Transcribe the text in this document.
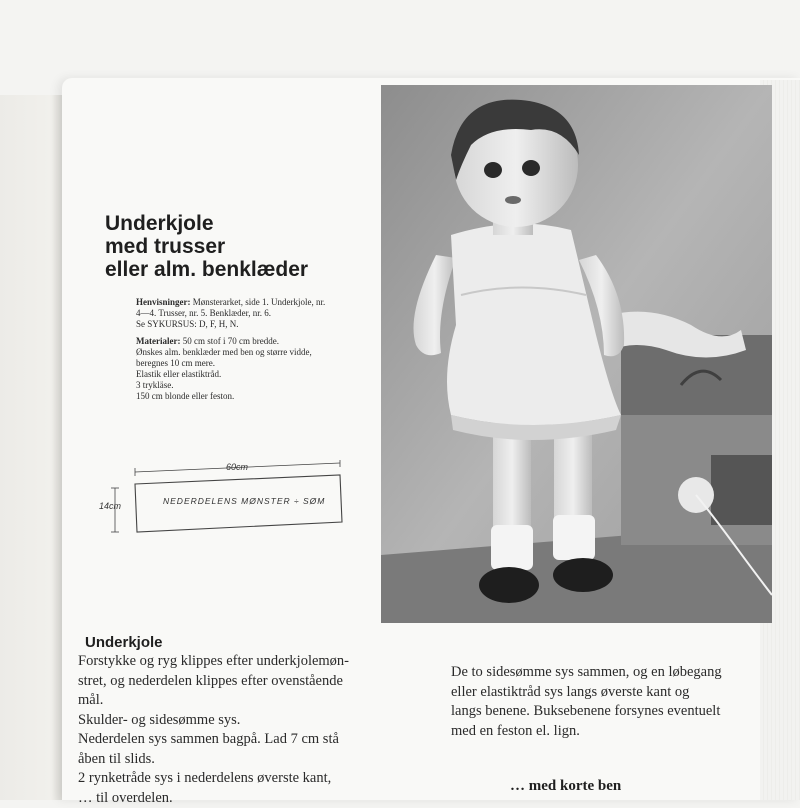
Underkjole
med trusser
eller alm. benklæder

Henvisninger: Mønsterarket, side 1. Underkjole, nr.
4—4. Trusser, nr. 5. Benklæder, nr. 6.
Se SYKURSUS: D, F, H, N.

Materialer: 50 cm stof i 70 cm bredde.
Ønskes alm. benklæder med ben og større vidde,
beregnes 10 cm mere.
Elastik eller elastiktråd.
3 trykläse.
150 cm blonde eller feston.

60cm
14cm	NEDERDELENS MØNSTER ÷ SØM
Underkjole
Forstykke og ryg klippes efter underkjolemøn-
stret, og nederdelen klippes efter ovenstående
mål.
Skulder- og sidesømme sys.
Nederdelen sys sammen bagpå. Lad 7 cm stå
åben til slids.
2 rynketråde sys i nederdelens øverste kant,
… til overdelen.
De to sidesømme sys sammen, og en løbegang
eller elastiktråd sys langs øverste kant og
langs benene. Buksebenene forsynes eventuelt
med en feston el. lign.
… med korte ben
